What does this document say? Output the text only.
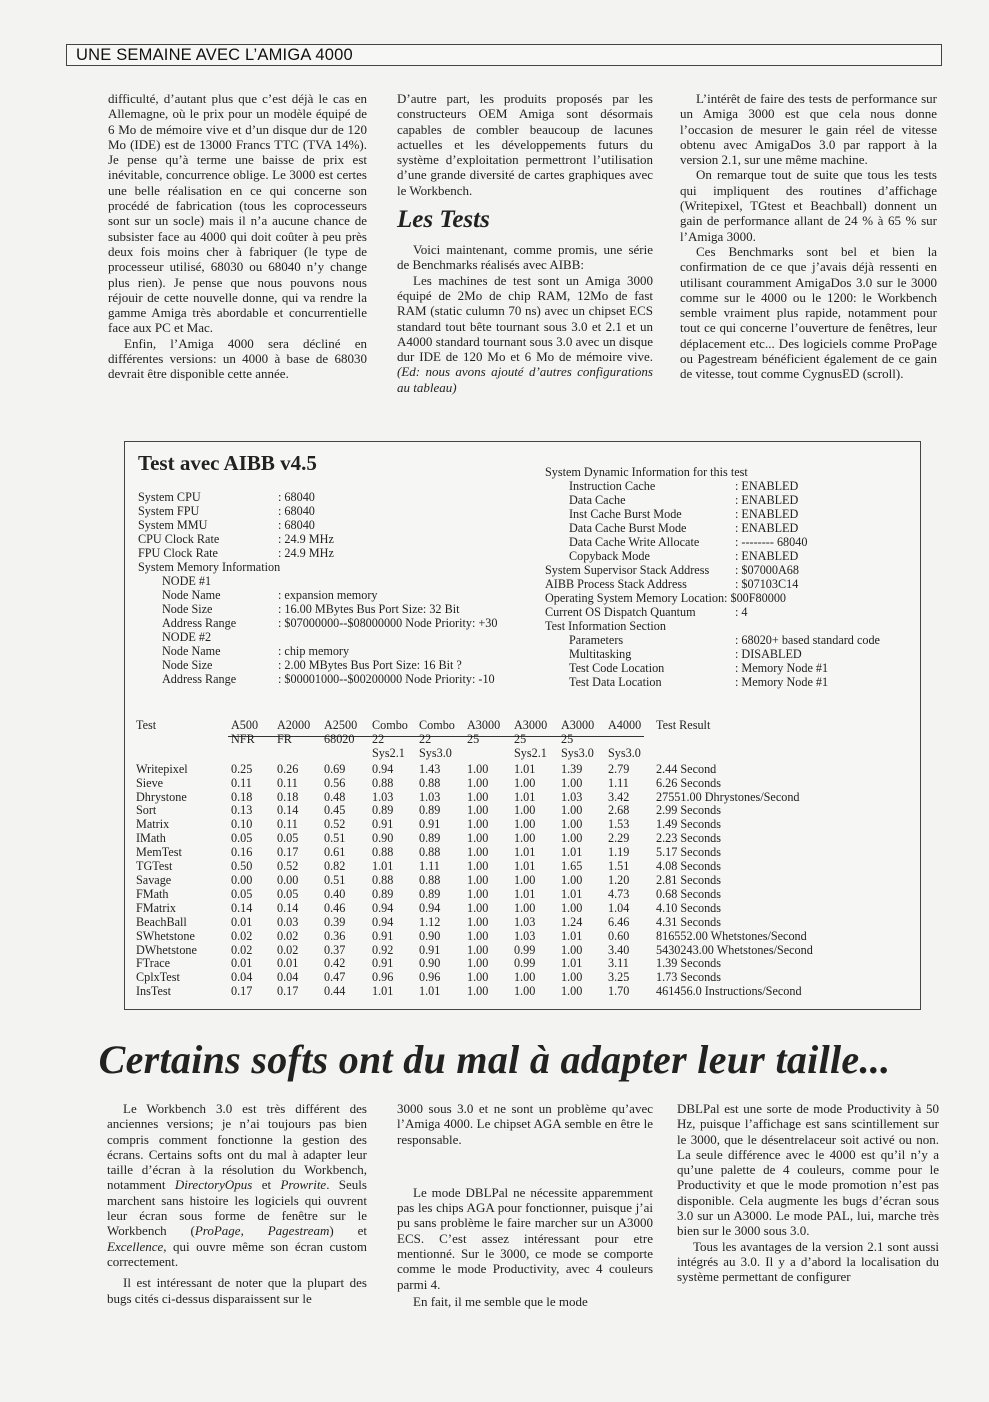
UNE SEMAINE AVEC L’AMIGA 4000

difficulté, d’autant plus que c’est déjà le cas en Allemagne, où le prix pour un modèle équipé de 6 Mo de mémoire vive et d’un disque dur de 120 Mo (IDE) est de 13000 Francs TTC (TVA 14%). Je pense qu’à terme une baisse de prix est inévitable, concurrence oblige. Le 3000 est certes une belle réalisation en ce qui concerne son procédé de fabrication (tous les coprocesseurs sont sur un socle) mais il n’a aucune chance de subsister face au 4000 qui doit coûter à peu près deux fois moins cher à fabriquer (le type de processeur utilisé, 68030 ou 68040 n’y change plus rien). Je pense que nous pouvons nous réjouir de cette nouvelle donne, qui va rendre la gamme Amiga très abordable et concurrentielle face aux PC et Mac.

Enfin, l’Amiga 4000 sera décliné en différentes versions: un 4000 à base de 68030 devrait être disponible cette année.

D’autre part, les produits proposés par les constructeurs OEM Amiga sont désormais capables de combler beaucoup de lacunes actuelles et les développements futurs du système d’exploitation permettront l’utilisation d’une grande diversité de cartes graphiques avec le Workbench.

Les Tests

Voici maintenant, comme promis, une série de Benchmarks réalisés avec AIBB:

Les machines de test sont un Amiga 3000 équipé de 2Mo de chip RAM, 12Mo de fast RAM (static culumn 70 ns) avec un chipset ECS standard tout bête tournant sous 3.0 et 2.1 et un A4000 standard tournant sous 3.0 avec un disque dur IDE de 120 Mo et 6 Mo de mémoire vive.(Ed: nous avons ajouté d’autres configurations au tableau)

L’intérêt de faire des tests de performance sur un Amiga 3000 est que cela nous donne l’occasion de mesurer le gain réel de vitesse obtenu avec AmigaDos 3.0 par rapport à la version 2.1, sur une même machine.

On remarque tout de suite que tous les tests qui impliquent des routines d’affichage (Writepixel, TGtest et Beachball) donnent un gain de performance allant de 24 % à 65 % sur l’Amiga 3000.

Ces Benchmarks sont bel et bien la confirmation de ce que j’avais déjà ressenti en utilisant couramment AmigaDos 3.0 sur le 3000 comme sur le 4000 ou le 1200: le Workbench semble vraiment plus rapide, notamment pour tout ce qui concerne l’ouverture de fenêtres, leur déplacement etc... Des logiciels comme ProPage ou Pagestream bénéficient également de ce gain de vitesse, tout comme CygnusED (scroll).

Test avec AIBB v4.5
System CPU	: 68040
System FPU	: 68040
System MMU	: 68040
CPU Clock Rate	: 24.9 MHz
FPU Clock Rate	: 24.9 MHz
System Memory Information
NODE #1
Node Name	: expansion memory
Node Size	: 16.00 MBytes Bus Port Size: 32 Bit
Address Range	: $07000000--$08000000 Node Priority: +30
NODE #2
Node Name	: chip memory
Node Size	: 2.00 MBytes Bus Port Size: 16 Bit ?
Address Range	: $00001000--$00200000 Node Priority: -10
System Dynamic Information for this test
Instruction Cache	: ENABLED
Data Cache	: ENABLED
Inst Cache Burst Mode	: ENABLED
Data Cache Burst Mode	: ENABLED
Data Cache Write Allocate	: -------- 68040
Copyback Mode	: ENABLED
System Supervisor Stack Address : $07000A68
AIBB Process Stack Address	: $07103C14
Operating System Memory Location: $00F80000
Current OS Dispatch Quantum	: 4
Test Information Section
Parameters	: 68020+ based standard code
Multitasking	: DISABLED
Test Code Location	: Memory Node #1
Test Data Location	: Memory Node #1
Test	A500	A2000	A2500	Combo	Combo	A3000	A3000	A3000	A4000	Test Result
	NFR	FR	68020	22	22	25	25	25		
				Sys2.1	Sys3.0		Sys2.1	Sys3.0	Sys3.0	
Writepixel	0.25	0.26	0.69	0.94	1.43	1.00	1.01	1.39	2.79	2.44 Second
Sieve	0.11	0.11	0.56	0.88	0.88	1.00	1.00	1.00	1.11	6.26 Seconds
Dhrystone	0.18	0.18	0.48	1.03	1.03	1.00	1.01	1.03	3.42	27551.00 Dhrystones/Second
Sort	0.13	0.14	0.45	0.89	0.89	1.00	1.00	1.00	2.68	2.99 Seconds
Matrix	0.10	0.11	0.52	0.91	0.91	1.00	1.00	1.00	1.53	1.49 Seconds
IMath	0.05	0.05	0.51	0.90	0.89	1.00	1.00	1.00	2.29	2.23 Seconds
MemTest	0.16	0.17	0.61	0.88	0.88	1.00	1.01	1.01	1.19	5.17 Seconds
TGTest	0.50	0.52	0.82	1.01	1.11	1.00	1.01	1.65	1.51	4.08 Seconds
Savage	0.00	0.00	0.51	0.88	0.88	1.00	1.00	1.00	1.20	2.81 Seconds
FMath	0.05	0.05	0.40	0.89	0.89	1.00	1.01	1.01	4.73	0.68 Seconds
FMatrix	0.14	0.14	0.46	0.94	0.94	1.00	1.00	1.00	1.04	4.10 Seconds
BeachBall	0.01	0.03	0.39	0.94	1.12	1.00	1.03	1.24	6.46	4.31 Seconds
SWhetstone	0.02	0.02	0.36	0.91	0.90	1.00	1.03	1.01	0.60	816552.00 Whetstones/Second
DWhetstone	0.02	0.02	0.37	0.92	0.91	1.00	0.99	1.00	3.40	5430243.00 Whetstones/Second
FTrace	0.01	0.01	0.42	0.91	0.90	1.00	0.99	1.01	3.11	1.39 Seconds
CplxTest	0.04	0.04	0.47	0.96	0.96	1.00	1.00	1.00	3.25	1.73 Seconds
InsTest	0.17	0.17	0.44	1.01	1.01	1.00	1.00	1.00	1.70	461456.0 Instructions/Second
Certains softs ont du mal à adapter leur taille...

Le Workbench 3.0 est très différent des anciennes versions; je n’ai toujours pas bien compris comment fonctionne la gestion des écrans. Certains softs ont du mal à adapter leur taille d’écran à la résolution du Workbench, notamment DirectoryOpus et Prowrite. Seuls marchent sans histoire les logiciels qui ouvrent leur écran sous forme de fenêtre sur le Workbench (ProPage, Pagestream) et Excellence, qui ouvre même son écran custom correctement.

Il est intéressant de noter que la plupart des bugs cités ci-dessus disparaissent sur le

3000 sous 3.0 et ne sont un problème qu’avec l’Amiga 4000. Le chipset AGA semble en être le responsable.

Le mode DBLPal ne nécessite apparemment pas les chips AGA pour fonctionner, puisque j’ai pu sans problème le faire marcher sur un A3000 ECS. C’est assez intéressant pour etre mentionné. Sur le 3000, ce mode se comporte comme le mode Productivity, avec 4 couleurs parmi 4.

En fait, il me semble que le mode

DBLPal est une sorte de mode Productivity à 50 Hz, puisque l’affichage est sans scintillement sur le 3000, que le désentrelaceur soit activé ou non. La seule différence avec le 4000 est qu’il n’y a qu’une palette de 4 couleurs, comme pour le Productivity et que le mode promotion n’est pas disponible. Cela augmente les bugs d’écran sous 3.0 sur un A3000. Le mode PAL, lui, marche très bien sur le 3000 sous 3.0.

Tous les avantages de la version 2.1 sont aussi intégrés au 3.0. Il y a d’abord la localisation du système permettant de configurer
